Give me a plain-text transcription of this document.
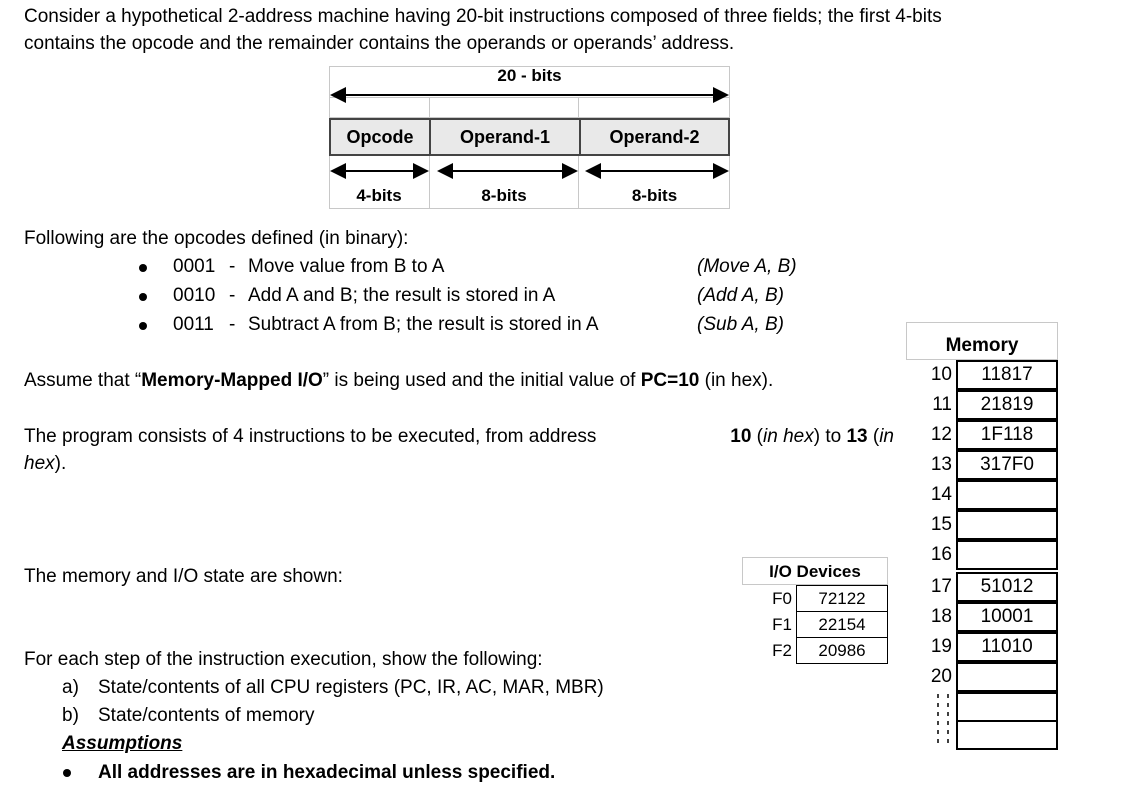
Consider a hypothetical 2-address machine having 20-bit instructions composed of three fields; the first 4-bits
contains the opcode and the remainder contains the operands or operands’ address.
20 - bits
Opcode	Operand-1	Operand-2
4-bits	8-bits	8-bits
Following are the opcodes defined (in binary):
0001 - Move value from B to A	(Move A, B)
0010 - Add A and B; the result is stored in A	(Add A, B)
0011 - Subtract A from B; the result is stored in A	(Sub A, B)
Assume that “Memory-Mapped I/O” is being used and the initial value of PC=10 (in hex).
The program consists of 4 instructions to be executed, from address	10 (in hex) to 13 (in
hex).
The memory and I/O state are shown:
For each step of the instruction execution, show the following:
a) State/contents of all CPU registers (PC, IR, AC, MAR, MBR)
b) State/contents of memory
Assumptions
All addresses are in hexadecimal unless specified.
I/O Devices
F0	72122
F1	22154
F2	20986
Memory
10	11817
11	21819
12	1F118
13	317F0
14
15
16
17	51012
18	10001
19	11010
20
